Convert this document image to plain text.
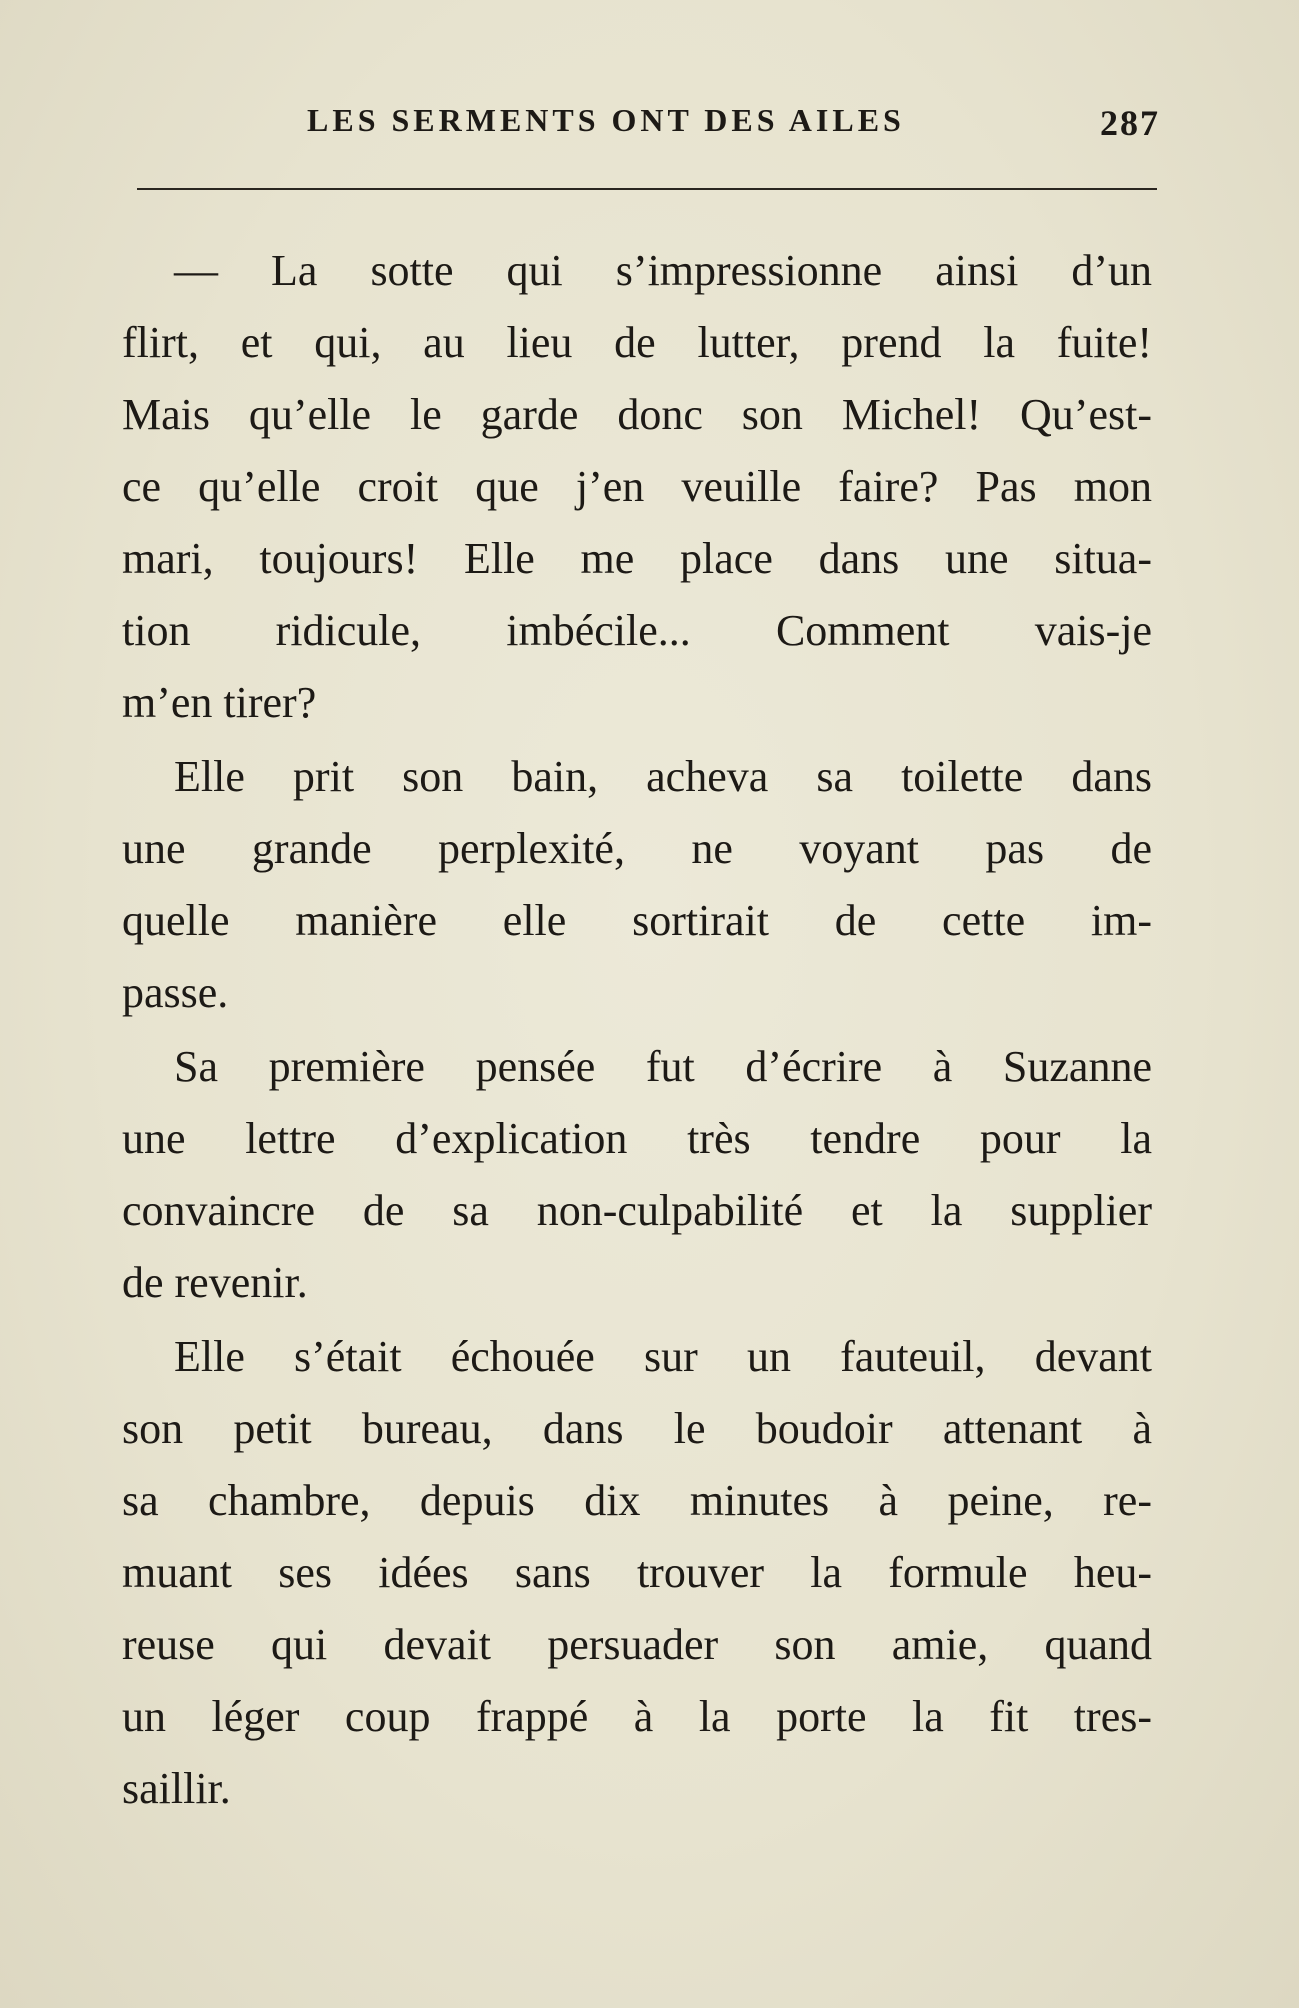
LES SERMENTS ONT DES AILES	287
— La sotte qui s’impressionne ainsi d’un
flirt, et qui, au lieu de lutter, prend la fuite!
Mais qu’elle le garde donc son Michel! Qu’est-
ce qu’elle croit que j’en veuille faire? Pas mon
mari, toujours! Elle me place dans une situa-
tion ridicule, imbécile... Comment vais-je
m’en tirer?
Elle prit son bain, acheva sa toilette dans
une grande perplexité, ne voyant pas de
quelle manière elle sortirait de cette im-
passe.
Sa première pensée fut d’écrire à Suzanne
une lettre d’explication très tendre pour la
convaincre de sa non-culpabilité et la supplier
de revenir.
Elle s’était échouée sur un fauteuil, devant
son petit bureau, dans le boudoir attenant à
sa chambre, depuis dix minutes à peine, re-
muant ses idées sans trouver la formule heu-
reuse qui devait persuader son amie, quand
un léger coup frappé à la porte la fit tres-
saillir.
